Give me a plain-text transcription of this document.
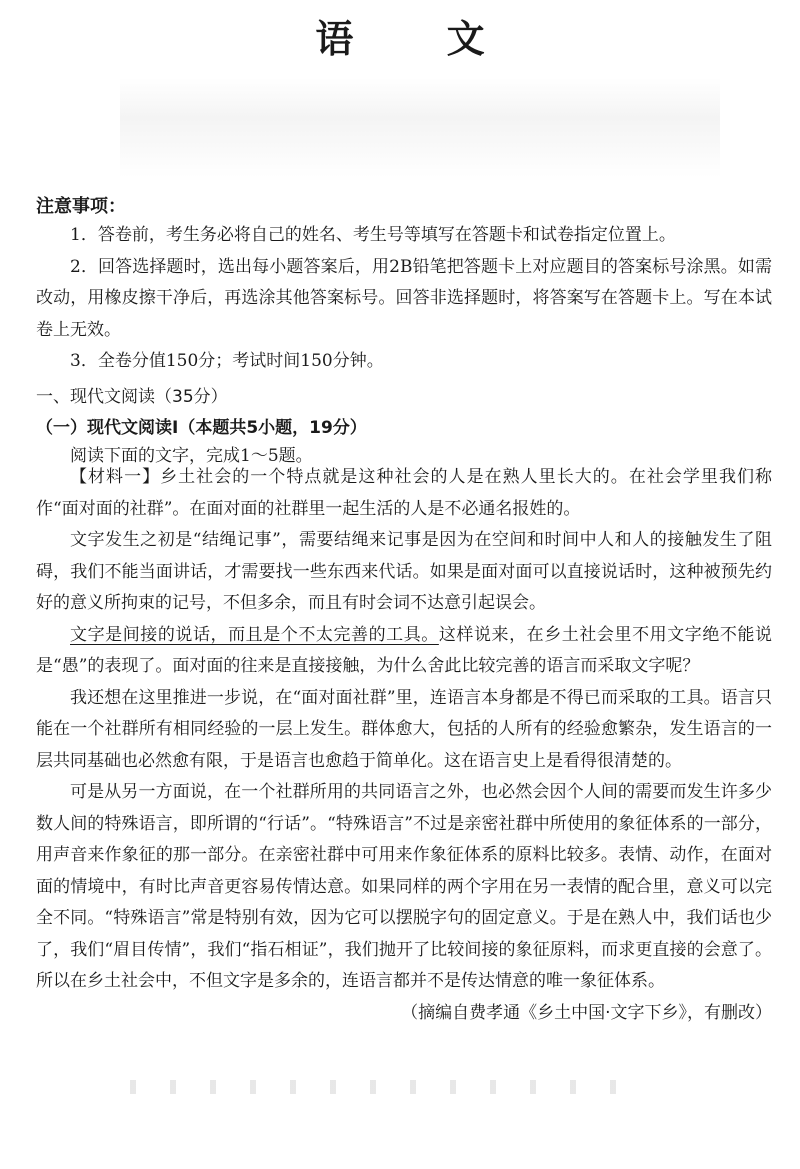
语 文
注意事项：

1．答卷前，考生务必将自己的姓名、考生号等填写在答题卡和试卷指定位置上。

2．回答选择题时，选出每小题答案后，用2B铅笔把答题卡上对应题目的答案标号涂黑。如需改动，用橡皮擦干净后，再选涂其他答案标号。回答非选择题时，将答案写在答题卡上。写在本试卷上无效。

3．全卷分值150分；考试时间150分钟。

一、现代文阅读（35分）

（一）现代文阅读Ⅰ（本题共5小题，19分）

阅读下面的文字，完成1～5题。

【材料一】乡土社会的一个特点就是这种社会的人是在熟人里长大的。在社会学里我们称作“面对面的社群”。在面对面的社群里一起生活的人是不必通名报姓的。

文字发生之初是“结绳记事”，需要结绳来记事是因为在空间和时间中人和人的接触发生了阻碍，我们不能当面讲话，才需要找一些东西来代话。如果是面对面可以直接说话时，这种被预先约好的意义所拘束的记号，不但多余，而且有时会词不达意引起误会。

文字是间接的说话，而且是个不太完善的工具。这样说来，在乡土社会里不用文字绝不能说是“愚”的表现了。面对面的往来是直接接触，为什么舍此比较完善的语言而采取文字呢？

我还想在这里推进一步说，在“面对面社群”里，连语言本身都是不得已而采取的工具。语言只能在一个社群所有相同经验的一层上发生。群体愈大，包括的人所有的经验愈繁杂，发生语言的一层共同基础也必然愈有限，于是语言也愈趋于简单化。这在语言史上是看得很清楚的。

可是从另一方面说，在一个社群所用的共同语言之外，也必然会因个人间的需要而发生许多少数人间的特殊语言，即所谓的“行话”。“特殊语言”不过是亲密社群中所使用的象征体系的一部分，用声音来作象征的那一部分。在亲密社群中可用来作象征体系的原料比较多。表情、动作，在面对面的情境中，有时比声音更容易传情达意。如果同样的两个字用在另一表情的配合里，意义可以完全不同。“特殊语言”常是特别有效，因为它可以摆脱字句的固定意义。于是在熟人中，我们话也少了，我们“眉目传情”，我们“指石相证”，我们抛开了比较间接的象征原料，而求更直接的会意了。所以在乡土社会中，不但文字是多余的，连语言都并不是传达情意的唯一象征体系。

（摘编自费孝通《乡土中国·文字下乡》，有删改）
